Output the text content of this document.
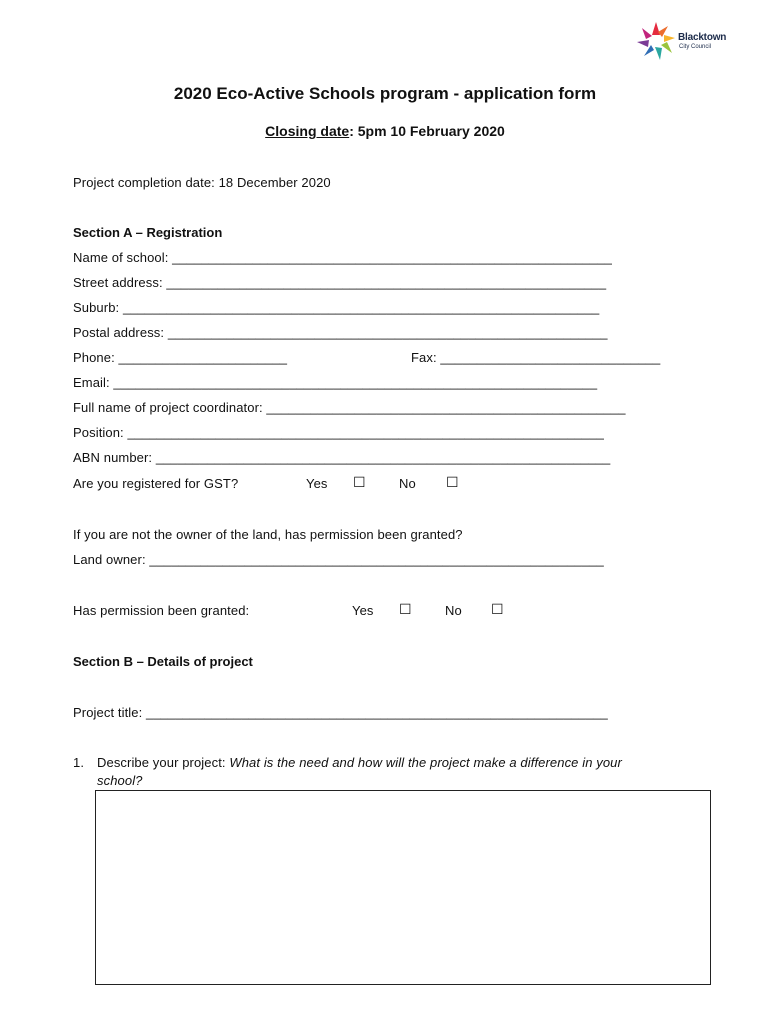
Blacktown
City Council
2020 Eco-Active Schools program - application form
Closing date: 5pm 10 February 2020
Project completion date: 18 December 2020
Section A – Registration
Name of school: ____________________________________________________________
Street address: ____________________________________________________________
Suburb: _________________________________________________________________
Postal address: ____________________________________________________________
Phone: _______________________	Fax: ______________________________
Email: __________________________________________________________________
Full name of project coordinator: _________________________________________________
Position: _________________________________________________________________
ABN number: ______________________________________________________________
Are you registered for GST?	Yes ☐	No ☐
If you are not the owner of the land, has permission been granted?
Land owner: ______________________________________________________________
Has permission been granted:	Yes ☐	No ☐
Section B – Details of project
Project title: _______________________________________________________________
1. Describe your project: What is the need and how will the project make a difference in your
school?
